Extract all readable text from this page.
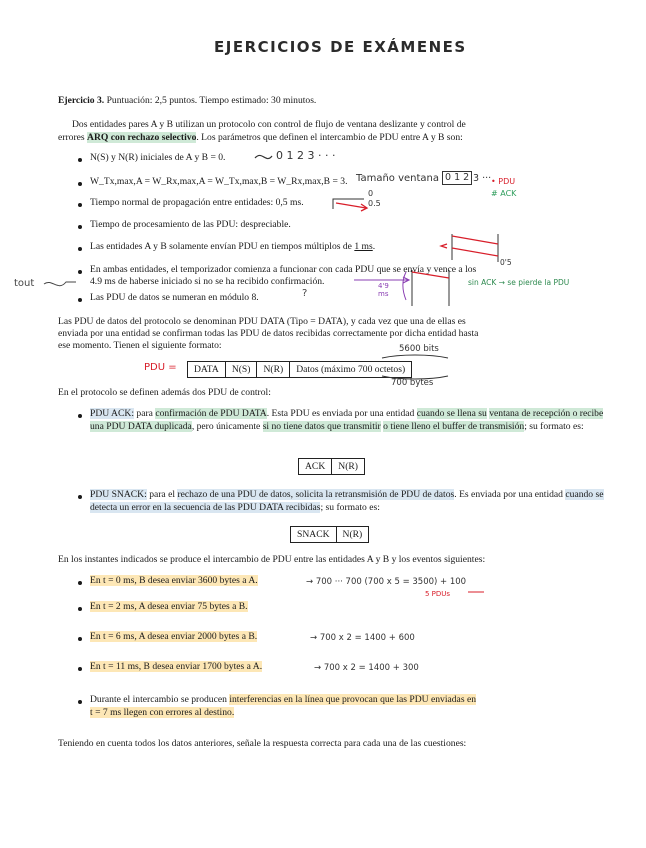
EJERCICIOS DE EXÁMENES
Ejercicio 3. Puntuación: 2,5 puntos. Tiempo estimado: 30 minutos.
Dos entidades pares A y B utilizan un protocolo con control de flujo de ventana deslizante y control de
errores ARQ con rechazo selectivo. Los parámetros que definen el intercambio de PDU entre A y B son:
N(S) y N(R) iniciales de A y B = 0.
W_Tx,max,A = W_Rx,max,A = W_Tx,max,B = W_Rx,max,B = 3.
Tiempo normal de propagación entre entidades: 0,5 ms.
Tiempo de procesamiento de las PDU: despreciable.
Las entidades A y B solamente envían PDU en tiempos múltiplos de 1 ms.
En ambas entidades, el temporizador comienza a funcionar con cada PDU que se envía y vence a los
4.9 ms de haberse iniciado si no se ha recibido confirmación.
Las PDU de datos se numeran en módulo 8.
Las PDU de datos del protocolo se denominan PDU DATA (Tipo = DATA), y cada vez que una de ellas es
enviada por una entidad se confirman todas las PDU de datos recibidas correctamente por dicha entidad hasta
ese momento. Tienen el siguiente formato:
DATA	N(S)	N(R)	Datos (máximo 700 octetos)
En el protocolo se definen además dos PDU de control:
PDU ACK: para confirmación de PDU DATA. Esta PDU es enviada por una entidad cuando se llena su ventana de recepción o recibe una PDU DATA duplicada, pero únicamente si no tiene datos que transmitir o tiene lleno el buffer de transmisión; su formato es:
ACK	N(R)
PDU SNACK: para el rechazo de una PDU de datos, solicita la retransmisión de PDU de datos. Es enviada por una entidad cuando se detecta un error en la secuencia de las PDU DATA recibidas; su formato es:
SNACK	N(R)
En los instantes indicados se produce el intercambio de PDU entre las entidades A y B y los eventos siguientes:
En t = 0 ms, B desea enviar 3600 bytes a A.
En t = 2 ms, A desea enviar 75 bytes a B.
En t = 6 ms, A desea enviar 2000 bytes a B.
En t = 11 ms, B desea enviar 1700 bytes a A.
Durante el intercambio se producen interferencias en la línea que provocan que las PDU enviadas en
t = 7 ms llegen con errores al destino.
Teniendo en cuenta todos los datos anteriores, señale la respuesta correcta para cada una de las cuestiones:
0 1 2 3 · · ·
Tamaño ventana 0 1 2 3 ··· • PDU
# ACK
0
0.5
0'5
tout	4'9 ms
sin ACK → se pierde la PDU
?
5600 bits
PDU =
700 bytes
→ 700 ··· 700 (700 x 5 = 3500) + 100
5 PDUs
→ 700 x 2 = 1400 + 600
→ 700 x 2 = 1400 + 300
